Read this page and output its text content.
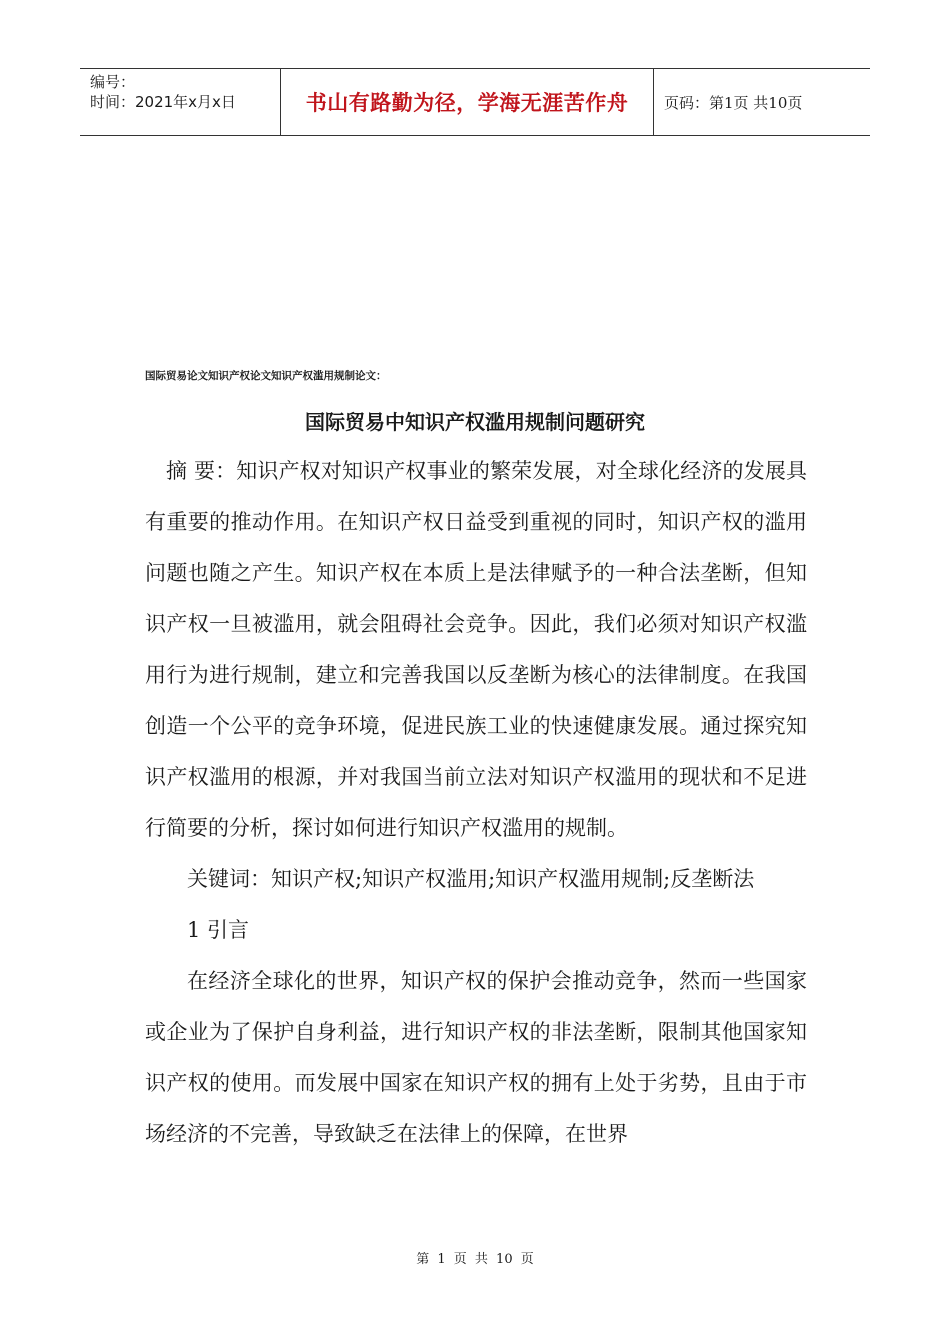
编号：
时间：2021年x月x日	书山有路勤为径，学海无涯苦作舟	页码：第1页 共10页
国际贸易论文知识产权论文知识产权滥用规制论文：
国际贸易中知识产权滥用规制问题研究

摘 要：知识产权对知识产权事业的繁荣发展，对全球化经济的发展具有重要的推动作用。在知识产权日益受到重视的同时，知识产权的滥用问题也随之产生。知识产权在本质上是法律赋予的一种合法垄断，但知识产权一旦被滥用，就会阻碍社会竞争。因此，我们必须对知识产权滥用行为进行规制，建立和完善我国以反垄断为核心的法律制度。在我国创造一个公平的竞争环境，促进民族工业的快速健康发展。通过探究知识产权滥用的根源，并对我国当前立法对知识产权滥用的现状和不足进行简要的分析，探讨如何进行知识产权滥用的规制。

关键词：知识产权;知识产权滥用;知识产权滥用规制;反垄断法

1 引言

在经济全球化的世界，知识产权的保护会推动竞争，然而一些国家或企业为了保护自身利益，进行知识产权的非法垄断，限制其他国家知识产权的使用。而发展中国家在知识产权的拥有上处于劣势，且由于市场经济的不完善，导致缺乏在法律上的保障，在世界

第 1 页 共 10 页
